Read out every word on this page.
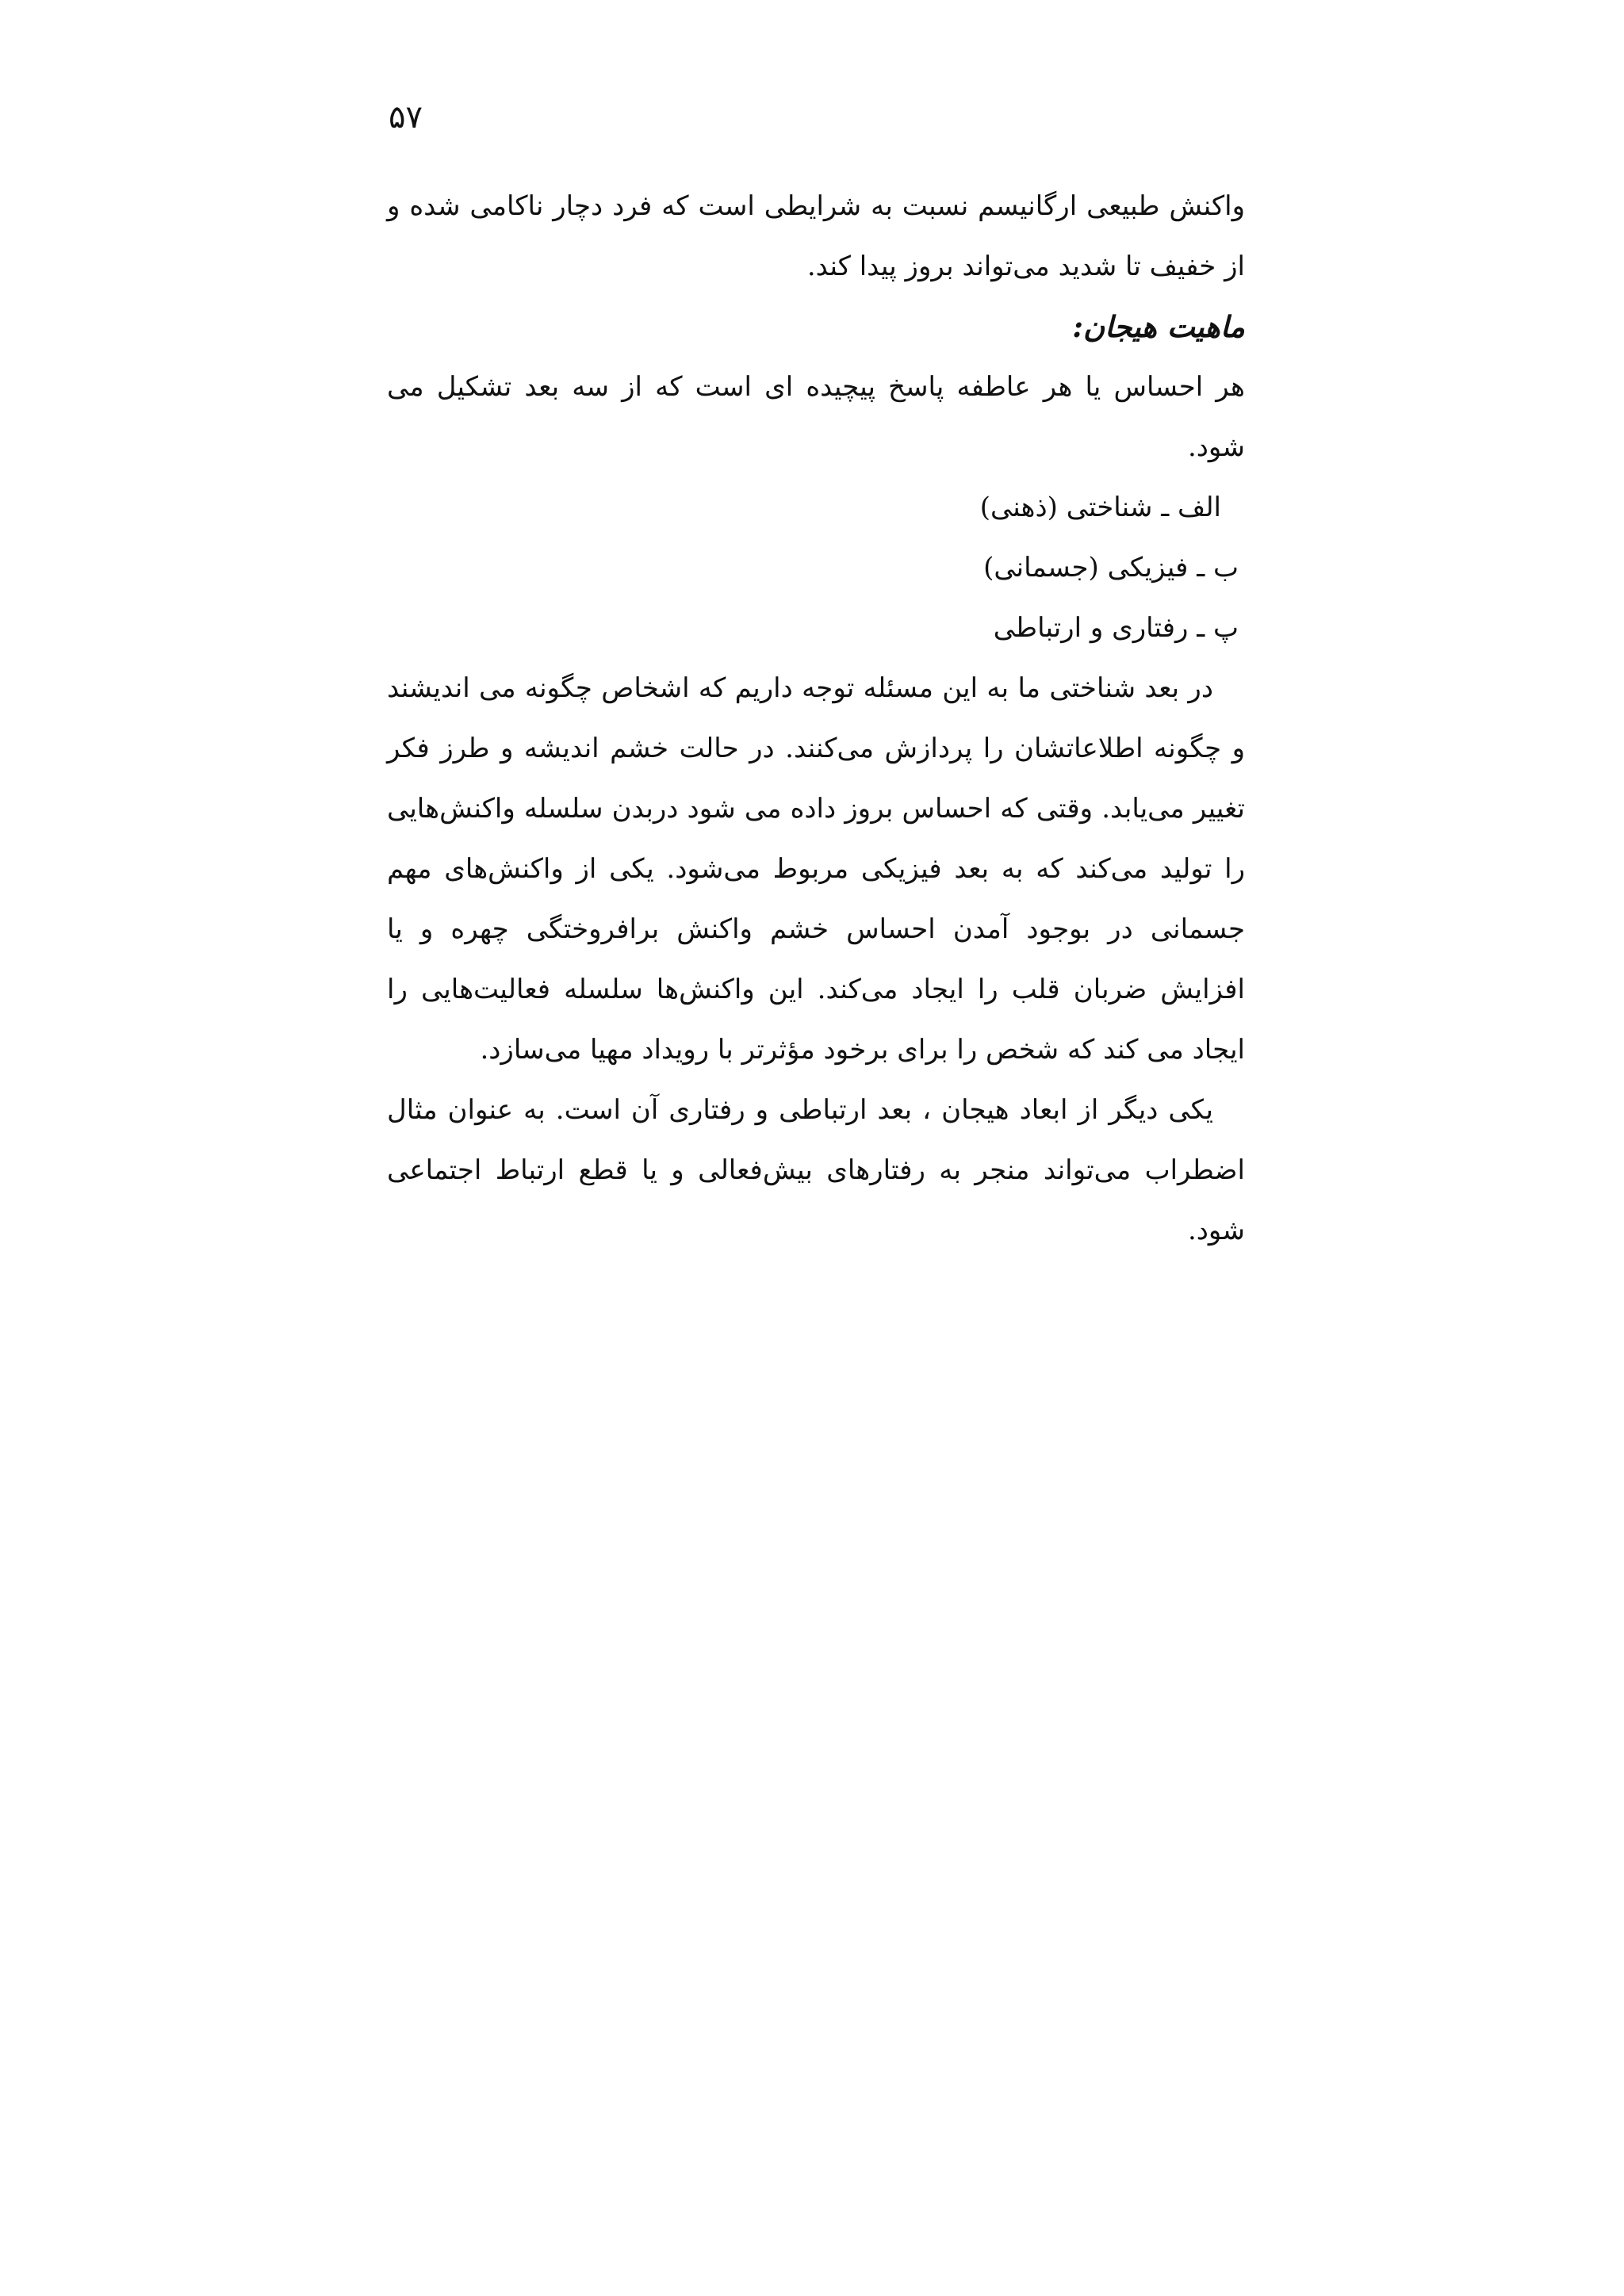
۵۷

واکنش طبیعی ارگانیسم نسبت به شرایطی است که فرد دچار ناکامی شده و از خفیف تا شدید می‌تواند بروز پیدا کند.

ماهیت هیجان:

هر احساس یا هر عاطفه پاسخ پیچیده ای است که از سه بعد تشکیل می شود.

الف ـ شناختی (ذهنی)

ب ـ فیزیکی (جسمانی)

پ ـ رفتاری و ارتباطی

در بعد شناختی ما به این مسئله توجه داریم که اشخاص چگونه می اندیشند و چگونه اطلاعاتشان را پردازش می‌کنند. در حالت خشم اندیشه و طرز فکر تغییر می‌یابد. وقتی که احساس بروز داده می شود دربدن سلسله واکنش‌هایی را تولید می‌کند که به بعد فیزیکی مربوط می‌شود. یکی از واکنش‌های مهم جسمانی در بوجود آمدن احساس خشم واکنش برافروختگی چهره و یا افزایش ضربان قلب را ایجاد می‌کند. این واکنش‌ها سلسله فعالیت‌هایی را ایجاد می کند که شخص را برای برخود مؤثرتر با رویداد مهیا می‌سازد.

یکی دیگر از ابعاد هیجان ، بعد ارتباطی و رفتاری آن است. به عنوان مثال اضطراب می‌تواند منجر به رفتارهای بیش‌فعالی و یا قطع ارتباط اجتماعی شود.
